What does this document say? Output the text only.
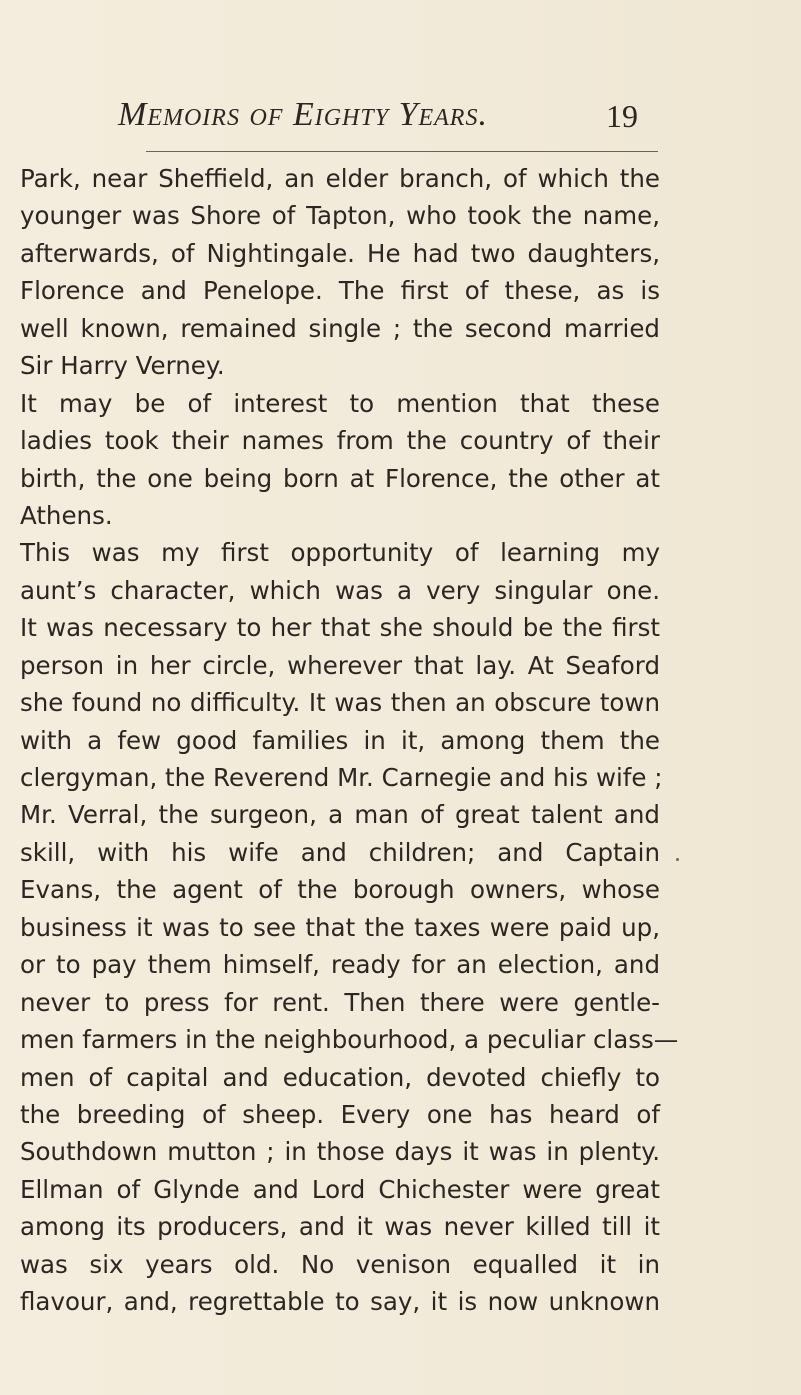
Memoirs of Eighty Years.	19
Park, near Sheffield, an elder branch, of which the
younger was Shore of Tapton, who took the name,
afterwards, of Nightingale. He had two daughters,
Florence and Penelope. The first of these, as is
well known, remained single ; the second married
Sir Harry Verney.
It may be of interest to mention that these
ladies took their names from the country of their
birth, the one being born at Florence, the other at
Athens.
This was my first opportunity of learning my
aunt’s character, which was a very singular one.
It was necessary to her that she should be the first
person in her circle, wherever that lay. At Seaford
she found no difficulty. It was then an obscure town
with a few good families in it, among them the
clergyman, the Reverend Mr. Carnegie and his wife ;
Mr. Verral, the surgeon, a man of great talent and
skill, with his wife and children; and Captain
Evans, the agent of the borough owners, whose
business it was to see that the taxes were paid up,
or to pay them himself, ready for an election, and
never to press for rent. Then there were gentle-
men farmers in the neighbourhood, a peculiar class—
men of capital and education, devoted chiefly to
the breeding of sheep. Every one has heard of
Southdown mutton ; in those days it was in plenty.
Ellman of Glynde and Lord Chichester were great
among its producers, and it was never killed till it
was six years old. No venison equalled it in
flavour, and, regrettable to say, it is now unknown
